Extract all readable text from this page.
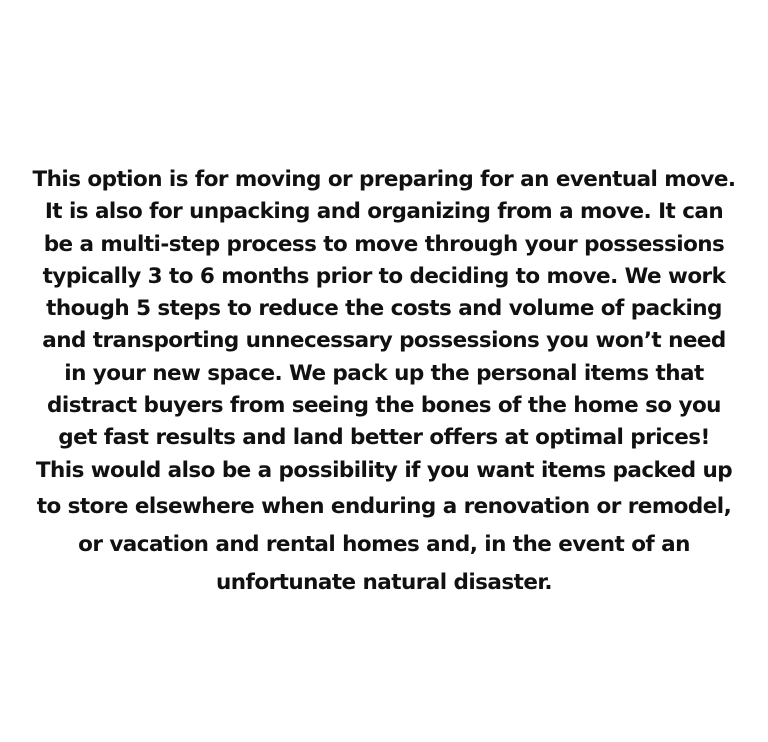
This option is for moving or preparing for an eventual move.
It is also for unpacking and organizing from a move. It can
be a multi-step process to move through your possessions
typically 3 to 6 months prior to deciding to move. We work
though 5 steps to reduce the costs and volume of packing
and transporting unnecessary possessions you won’t need
in your new space. We pack up the personal items that
distract buyers from seeing the bones of the home so you
get fast results and land better offers at optimal prices!
This would also be a possibility if you want items packed up
to store elsewhere when enduring a renovation or remodel,
or vacation and rental homes and, in the event of an
unfortunate natural disaster.
